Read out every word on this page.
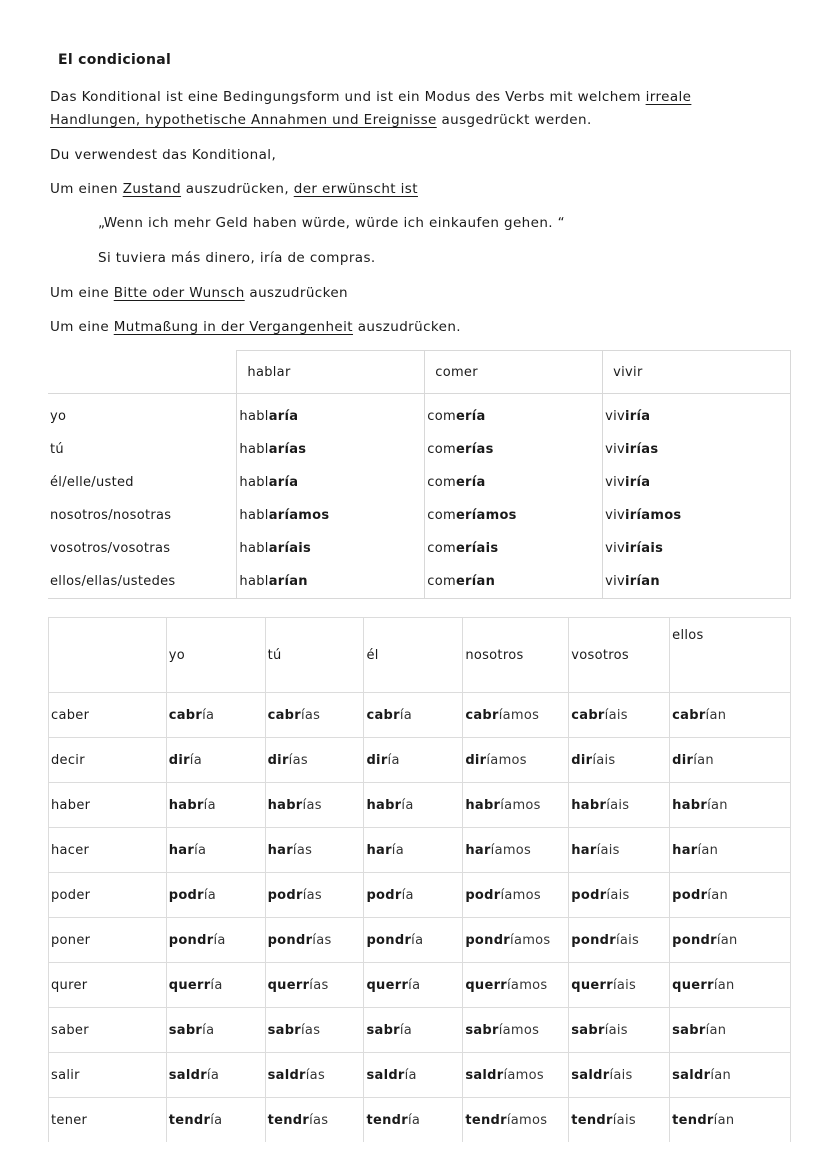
El condicional
Das Konditional ist eine Bedingungsform und ist ein Modus des Verbs mit welchem irreale
Handlungen, hypothetische Annahmen und Ereignisse ausgedrückt werden.
Du verwendest das Konditional,
Um einen Zustand auszudrücken, der erwünscht ist
„Wenn ich mehr Geld haben würde, würde ich einkaufen gehen. “
Si tuviera más dinero, iría de compras.
Um eine Bitte oder Wunsch auszudrücken
Um eine Mutmaßung in der Vergangenheit auszudrücken.
	hablar	comer	vivir
yo	hablaría	comería	viviría
tú	hablarías	comerías	vivirías
él/elle/usted	hablaría	comería	viviría
nosotros/nosotras	hablaríamos	comeríamos	viviríamos
vosotros/vosotras	hablaríais	comeríais	viviríais
ellos/ellas/ustedes	hablarían	comerían	vivirían
	yo	tú	él	nosotros	vosotros	ellos
caber	cabría	cabrías	cabría	cabríamos	cabríais	cabrían
decir	diría	dirías	diría	diríamos	diríais	dirían
haber	habría	habrías	habría	habríamos	habríais	habrían
hacer	haría	harías	haría	haríamos	haríais	harían
poder	podría	podrías	podría	podríamos	podríais	podrían
poner	pondría	pondrías	pondría	pondríamos	pondríais	pondrían
qurer	querría	querrías	querría	querríamos	querríais	querrían
saber	sabría	sabrías	sabría	sabríamos	sabríais	sabrían
salir	saldría	saldrías	saldría	saldríamos	saldríais	saldrían
tener	tendría	tendrías	tendría	tendríamos	tendríais	tendrían
